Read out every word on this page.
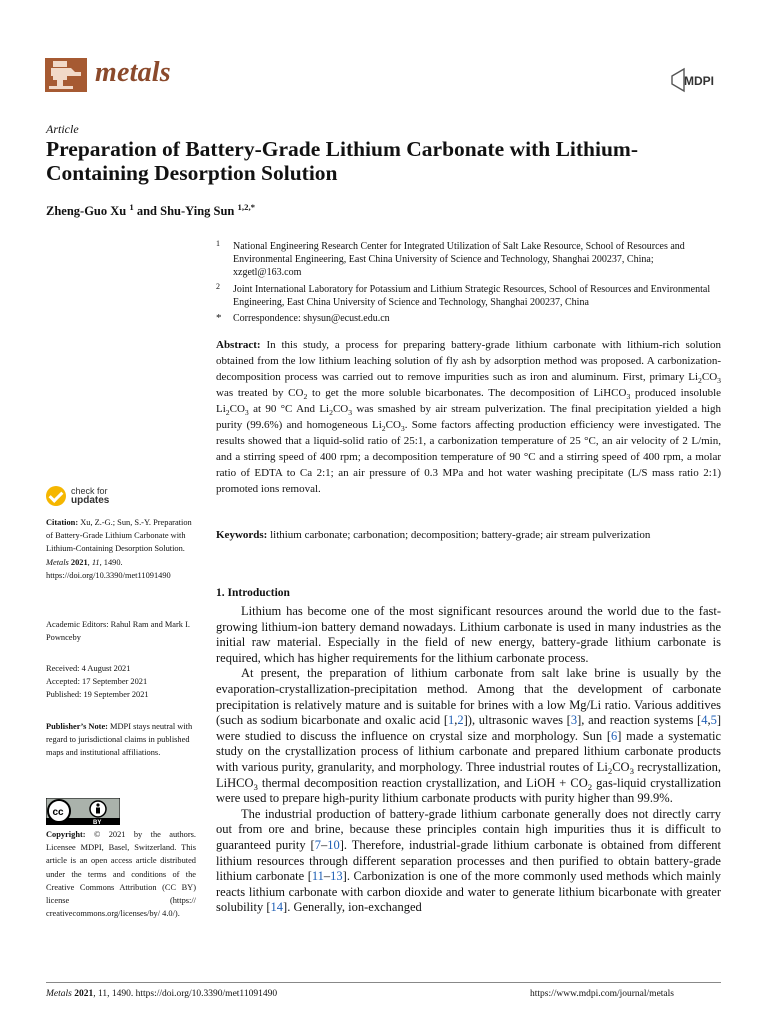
metals	MDPI
Article
Preparation of Battery-Grade Lithium Carbonate with Lithium-Containing Desorption Solution
Zheng-Guo Xu $^1$ and Shu-Ying Sun $^{1,2,*}$
1 National Engineering Research Center for Integrated Utilization of Salt Lake Resource, School of Resources and Environmental Engineering, East China University of Science and Technology, Shanghai 200237, China; xzgetl@163.com
2 Joint International Laboratory for Potassium and Lithium Strategic Resources, School of Resources and Environmental Engineering, East China University of Science and Technology, Shanghai 200237, China
* Correspondence: shysun@ecust.edu.cn
Abstract: In this study, a process for preparing battery-grade lithium carbonate with lithium-rich solution obtained from the low lithium leaching solution of fly ash by adsorption method was proposed. A carbonization-decomposition process was carried out to remove impurities such as iron and aluminum. First, primary $Li_2CO_3$ was treated by $CO_2$ to get the more soluble bicarbonates. The decomposition of LiHCO$_3$ produced insoluble $Li_2CO_3$ at 90 °C And $Li_2CO_3$ was smashed by air stream pulverization. The final precipitation yielded a high purity (99.6%) and homogeneous $Li_2CO_3$. Some factors affecting production efficiency were investigated. The results showed that a liquid-solid ratio of 25:1, a carbonization temperature of 25 °C, an air velocity of 2 L/min, and a stirring speed of 400 rpm; a decomposition temperature of 90 °C and a stirring speed of 400 rpm, a molar ratio of EDTA to Ca 2:1; an air pressure of 0.3 MPa and hot water washing precipitate (L/S mass ratio 2:1) promoted ions removal.
Keywords: lithium carbonate; carbonation; decomposition; battery-grade; air stream pulverization
check for
updates
Citation: Xu, Z.-G.; Sun, S.-Y. Preparation of Battery-Grade Lithium Carbonate with Lithium-Containing Desorption Solution. Metals 2021, 11, 1490. https://doi.org/10.3390/met11091490
Academic Editors: Rahul Ram and Mark I. Pownceby
Received: 4 August 2021
Accepted: 17 September 2021
Published: 19 September 2021
Publisher’s Note: MDPI stays neutral with regard to jurisdictional claims in published maps and institutional affiliations.
cc
BY
Copyright: © 2021 by the authors. Licensee MDPI, Basel, Switzerland. This article is an open access article distributed under the terms and conditions of the Creative Commons Attribution (CC BY) license (https:// creativecommons.org/licenses/by/ 4.0/).
1. Introduction

Lithium has become one of the most significant resources around the world due to the fast-growing lithium-ion battery demand nowadays. Lithium carbonate is used in many industries as the initial raw material. Especially in the field of new energy, battery-grade lithium carbonate is required, which has higher requirements for the lithium carbonate process.

At present, the preparation of lithium carbonate from salt lake brine is usually by the evaporation-crystallization-precipitation method. Among that the development of carbonate precipitation is relatively mature and is suitable for brines with a low Mg/Li ratio. Various additives (such as sodium bicarbonate and oxalic acid [1,2]), ultrasonic waves [3], and reaction systems [4,5] were studied to discuss the influence on crystal size and morphology. Sun [6] made a systematic study on the crystallization process of lithium carbonate and prepared lithium carbonate products with various purity, granularity, and morphology. Three industrial routes of $Li_2CO_3$ recrystallization, LiHCO$_3$ thermal decomposition reaction crystallization, and LiOH + $CO_2$ gas-liquid crystallization were used to prepare high-purity lithium carbonate products with purity higher than 99.9%.

The industrial production of battery-grade lithium carbonate generally does not directly carry out from ore and brine, because these principles contain high impurities thus it is difficult to guaranteed purity [7–10]. Therefore, industrial-grade lithium carbonate is obtained from different lithium resources through different separation processes and then purified to obtain battery-grade lithium carbonate [11–13]. Carbonization is one of the more commonly used methods which mainly reacts lithium carbonate with carbon dioxide and water to generate lithium bicarbonate with greater solubility [14]. Generally, ion-exchanged

Metals 2021, 11, 1490. https://doi.org/10.3390/met11091490	https://www.mdpi.com/journal/metals
